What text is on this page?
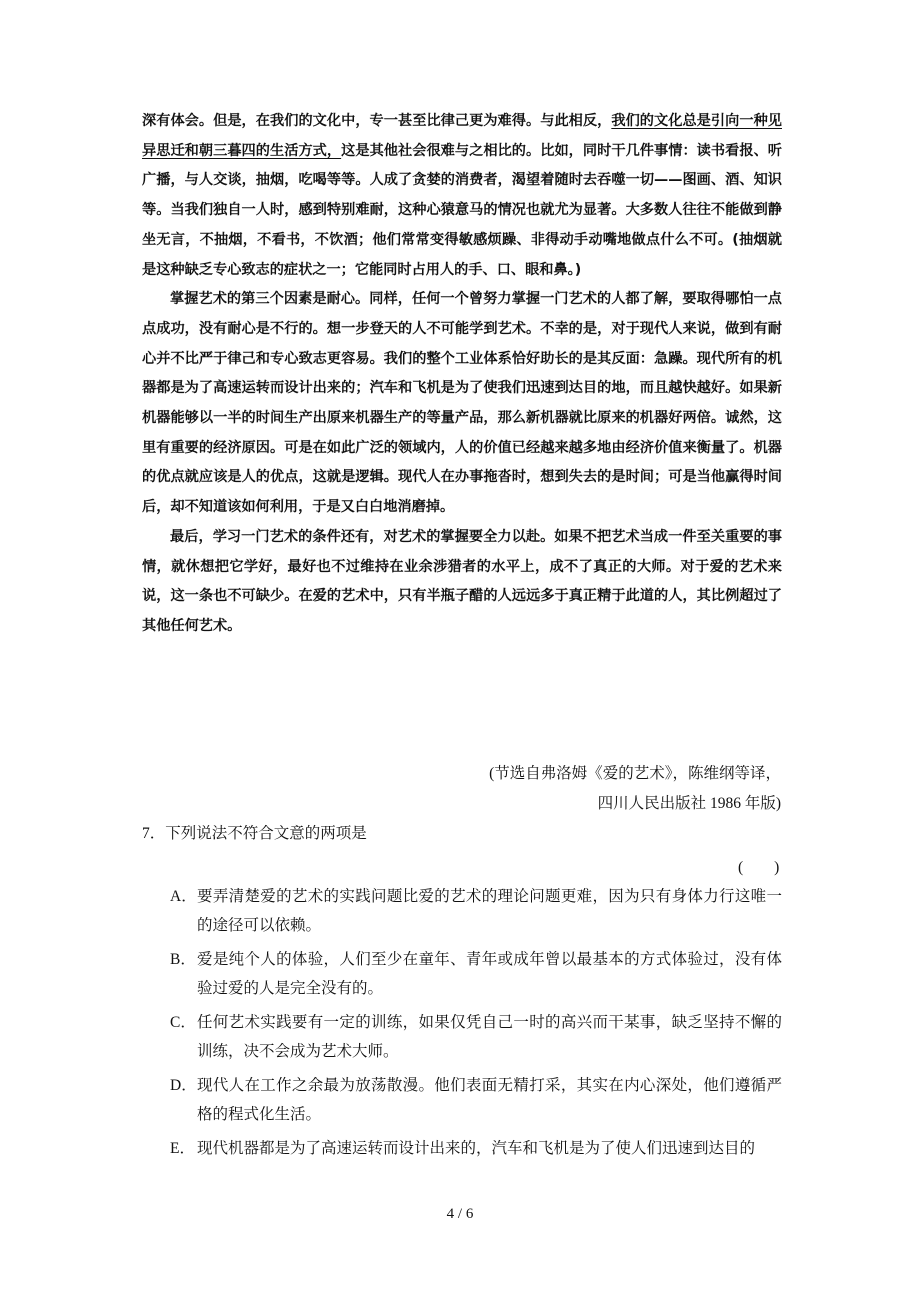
深有体会。但是，在我们的文化中，专一甚至比律己更为难得。与此相反，我们的文化总是引向一种见异思迁和朝三暮四的生活方式，这是其他社会很难与之相比的。比如，同时干几件事情：读书看报、听广播，与人交谈，抽烟，吃喝等等。人成了贪婪的消费者，渴望着随时去吞噬一切——图画、酒、知识等。当我们独自一人时，感到特别难耐，这种心猿意马的情况也就尤为显著。大多数人往往不能做到静坐无言，不抽烟，不看书，不饮酒；他们常常变得敏感烦躁、非得动手动嘴地做点什么不可。(抽烟就是这种缺乏专心致志的症状之一；它能同时占用人的手、口、眼和鼻。)

掌握艺术的第三个因素是耐心。同样，任何一个曾努力掌握一门艺术的人都了解，要取得哪怕一点点成功，没有耐心是不行的。想一步登天的人不可能学到艺术。不幸的是，对于现代人来说，做到有耐心并不比严于律己和专心致志更容易。我们的整个工业体系恰好助长的是其反面：急躁。现代所有的机器都是为了高速运转而设计出来的；汽车和飞机是为了使我们迅速到达目的地，而且越快越好。如果新机器能够以一半的时间生产出原来机器生产的等量产品，那么新机器就比原来的机器好两倍。诚然，这里有重要的经济原因。可是在如此广泛的领域内，人的价值已经越来越多地由经济价值来衡量了。机器的优点就应该是人的优点，这就是逻辑。现代人在办事拖沓时，想到失去的是时间；可是当他赢得时间后，却不知道该如何利用，于是又白白地消磨掉。

最后，学习一门艺术的条件还有，对艺术的掌握要全力以赴。如果不把艺术当成一件至关重要的事情，就休想把它学好，最好也不过维持在业余涉猎者的水平上，成不了真正的大师。对于爱的艺术来说，这一条也不可缺少。在爱的艺术中，只有半瓶子醋的人远远多于真正精于此道的人，其比例超过了其他任何艺术。

(节选自弗洛姆《爱的艺术》，陈维纲等译，
四川人民出版社 1986 年版)
7．下列说法不符合文意的两项是
(　　)
A． 要弄清楚爱的艺术的实践问题比爱的艺术的理论问题更难，因为只有身体力行这唯一的途径可以依赖。
B． 爱是纯个人的体验，人们至少在童年、青年或成年曾以最基本的方式体验过，没有体验过爱的人是完全没有的。
C． 任何艺术实践要有一定的训练，如果仅凭自己一时的高兴而干某事，缺乏坚持不懈的训练，决不会成为艺术大师。
D． 现代人在工作之余最为放荡散漫。他们表面无精打采，其实在内心深处，他们遵循严格的程式化生活。
E． 现代机器都是为了高速运转而设计出来的，汽车和飞机是为了使人们迅速到达目的
4 / 6
